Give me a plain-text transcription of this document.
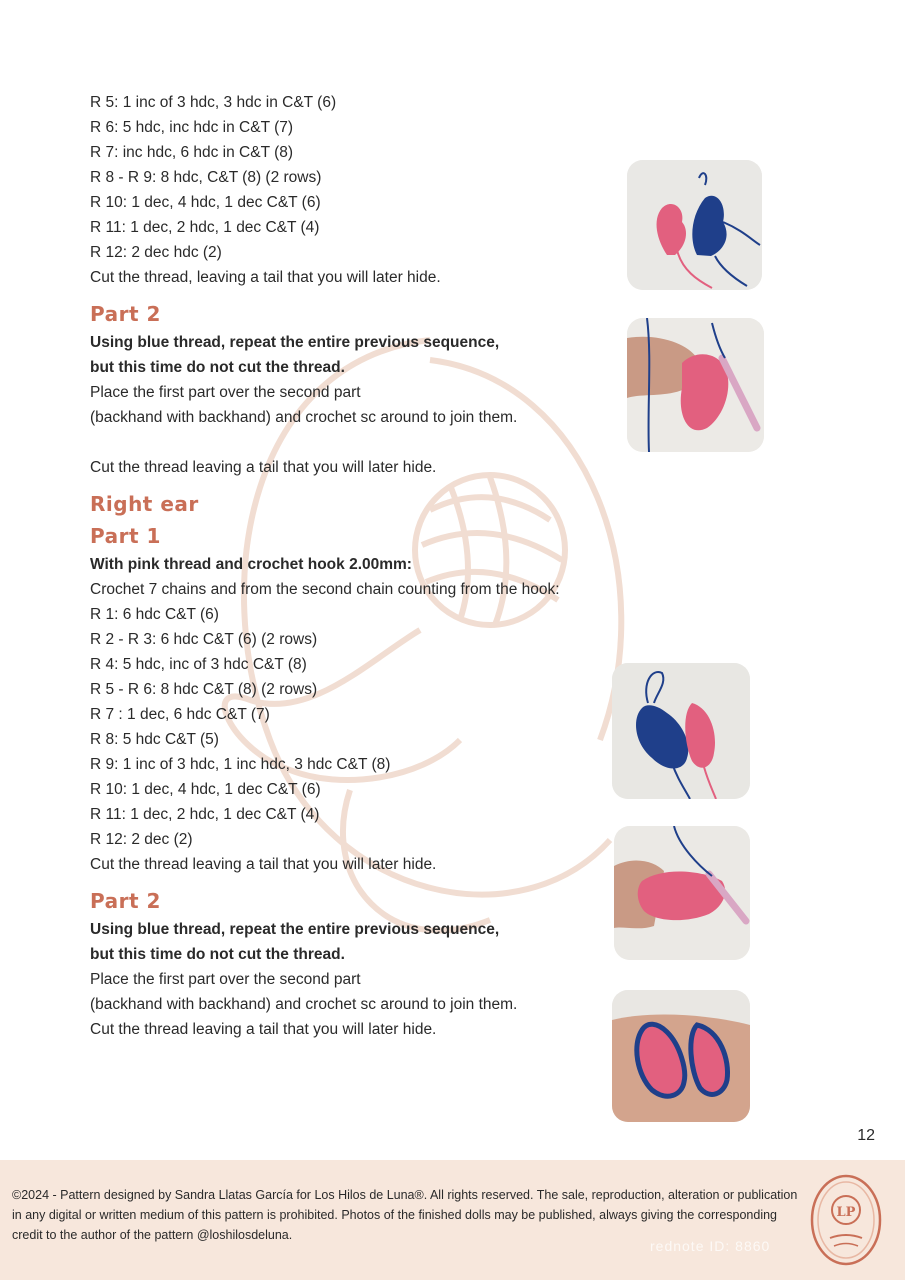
R 5: 1 inc of 3 hdc, 3 hdc in C&T (6)
R 6: 5 hdc, inc hdc in C&T (7)
R 7: inc hdc, 6 hdc in C&T (8)
R 8 - R 9: 8 hdc, C&T (8) (2 rows)
R 10: 1 dec, 4 hdc, 1 dec C&T (6)
R 11: 1 dec, 2 hdc, 1 dec C&T (4)
R 12: 2 dec hdc (2)
Cut the thread, leaving a tail that you will later hide.
Part 2
Using blue thread, repeat the entire previous sequence,
but this time do not cut the thread.
Place the first part over the second part
(backhand with backhand) and crochet sc around to join them.
Cut the thread leaving a tail that you will later hide.
Right ear
Part 1
With pink thread and crochet hook 2.00mm:
Crochet 7 chains and from the second chain counting from the hook:
R 1: 6 hdc C&T (6)
R 2 - R 3: 6 hdc C&T (6) (2 rows)
R 4: 5 hdc, inc of 3 hdc C&T (8)
R 5 - R 6: 8 hdc C&T (8) (2 rows)
R 7 : 1 dec, 6 hdc C&T (7)
R 8: 5 hdc C&T (5)
R 9: 1 inc of 3 hdc, 1 inc hdc, 3 hdc C&T (8)
R 10: 1 dec, 4 hdc, 1 dec C&T (6)
R 11: 1 dec, 2 hdc, 1 dec C&T (4)
R 12: 2 dec (2)
Cut the thread leaving a tail that you will later hide.
Part 2
Using blue thread, repeat the entire previous sequence,
but this time do not cut the thread.
Place the first part over the second part
(backhand with backhand) and crochet sc around to join them.
Cut the thread leaving a tail that you will later hide.
12
©2024 - Pattern designed by Sandra Llatas García for Los Hilos de Luna®. All rights reserved. The sale, reproduction, alteration or publication in any digital or written medium of this pattern is prohibited. Photos of the finished dolls may be published, always giving the corresponding credit to the author of the pattern @loshilosdeluna.
LP
rednote ID: 8860
